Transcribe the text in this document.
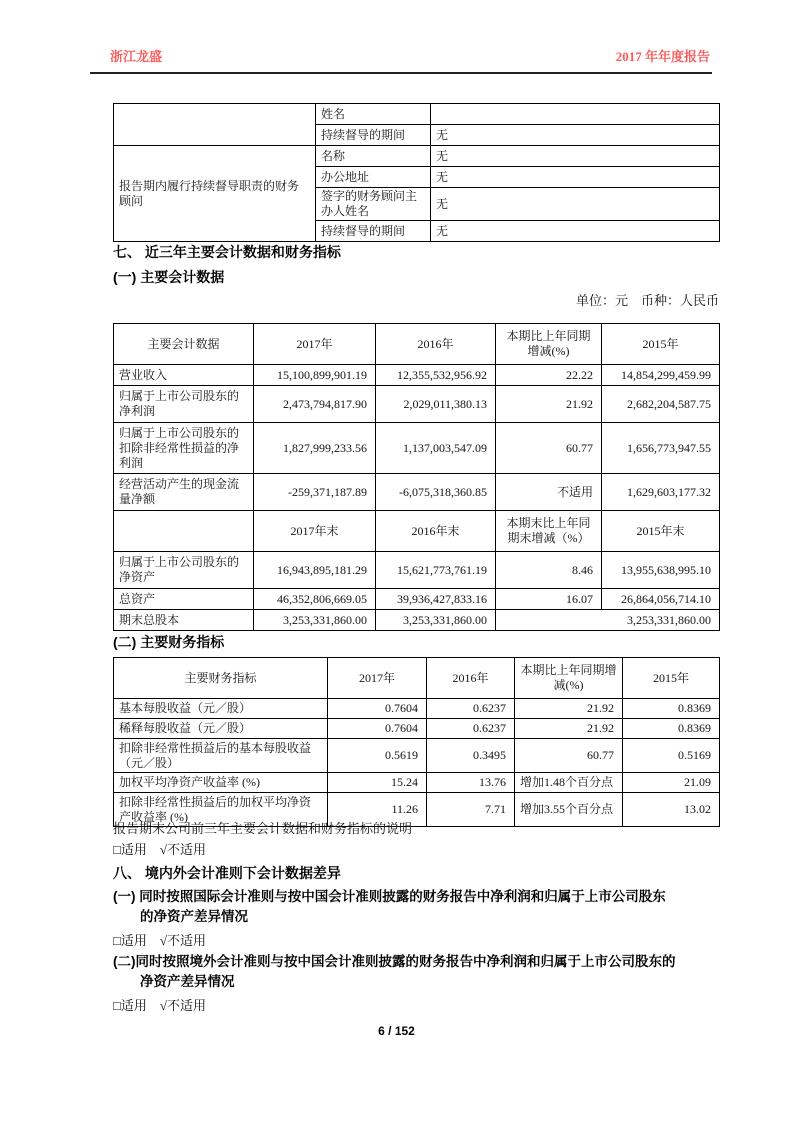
浙江龙盛	2017 年年度报告
	姓名	
	持续督导的期间	无
报告期内履行持续督导职责的财务顾问	名称	无
	办公地址	无
	签字的财务顾问主办人姓名	无
	持续督导的期间	无
七、 近三年主要会计数据和财务指标
(一) 主要会计数据
单位：元　币种：人民币
主要会计数据	2017年	2016年	本期比上年同期增减(%)	2015年
营业收入	15,100,899,901.19	12,355,532,956.92	22.22	14,854,299,459.99
归属于上市公司股东的净利润	2,473,794,817.90	2,029,011,380.13	21.92	2,682,204,587.75
归属于上市公司股东的扣除非经常性损益的净利润	1,827,999,233.56	1,137,003,547.09	60.77	1,656,773,947.55
经营活动产生的现金流量净额	-259,371,187.89	-6,075,318,360.85	不适用	1,629,603,177.32
	2017年末	2016年末	本期末比上年同期末增减（%）	2015年末
归属于上市公司股东的净资产	16,943,895,181.29	15,621,773,761.19	8.46	13,955,638,995.10
总资产	46,352,806,669.05	39,936,427,833.16	16.07	26,864,056,714.10
期末总股本	3,253,331,860.00	3,253,331,860.00	3,253,331,860.00	
(二) 主要财务指标
主要财务指标	2017年	2016年	本期比上年同期增减(%)	2015年
基本每股收益（元／股）	0.7604	0.6237	21.92	0.8369
稀释每股收益（元／股）	0.7604	0.6237	21.92	0.8369
扣除非经常性损益后的基本每股收益（元／股）	0.5619	0.3495	60.77	0.5169
加权平均净资产收益率 (%)	15.24	13.76	增加1.48个百分点	21.09
扣除非经常性损益后的加权平均净资产收益率 (%)	11.26	7.71	增加3.55个百分点	13.02
报告期末公司前三年主要会计数据和财务指标的说明
□适用　√不适用
八、 境内外会计准则下会计数据差异
(一) 同时按照国际会计准则与按中国会计准则披露的财务报告中净利润和归属于上市公司股东
的净资产差异情况
□适用　√不适用
(二)同时按照境外会计准则与按中国会计准则披露的财务报告中净利润和归属于上市公司股东的
净资产差异情况
□适用　√不适用
6 / 152
